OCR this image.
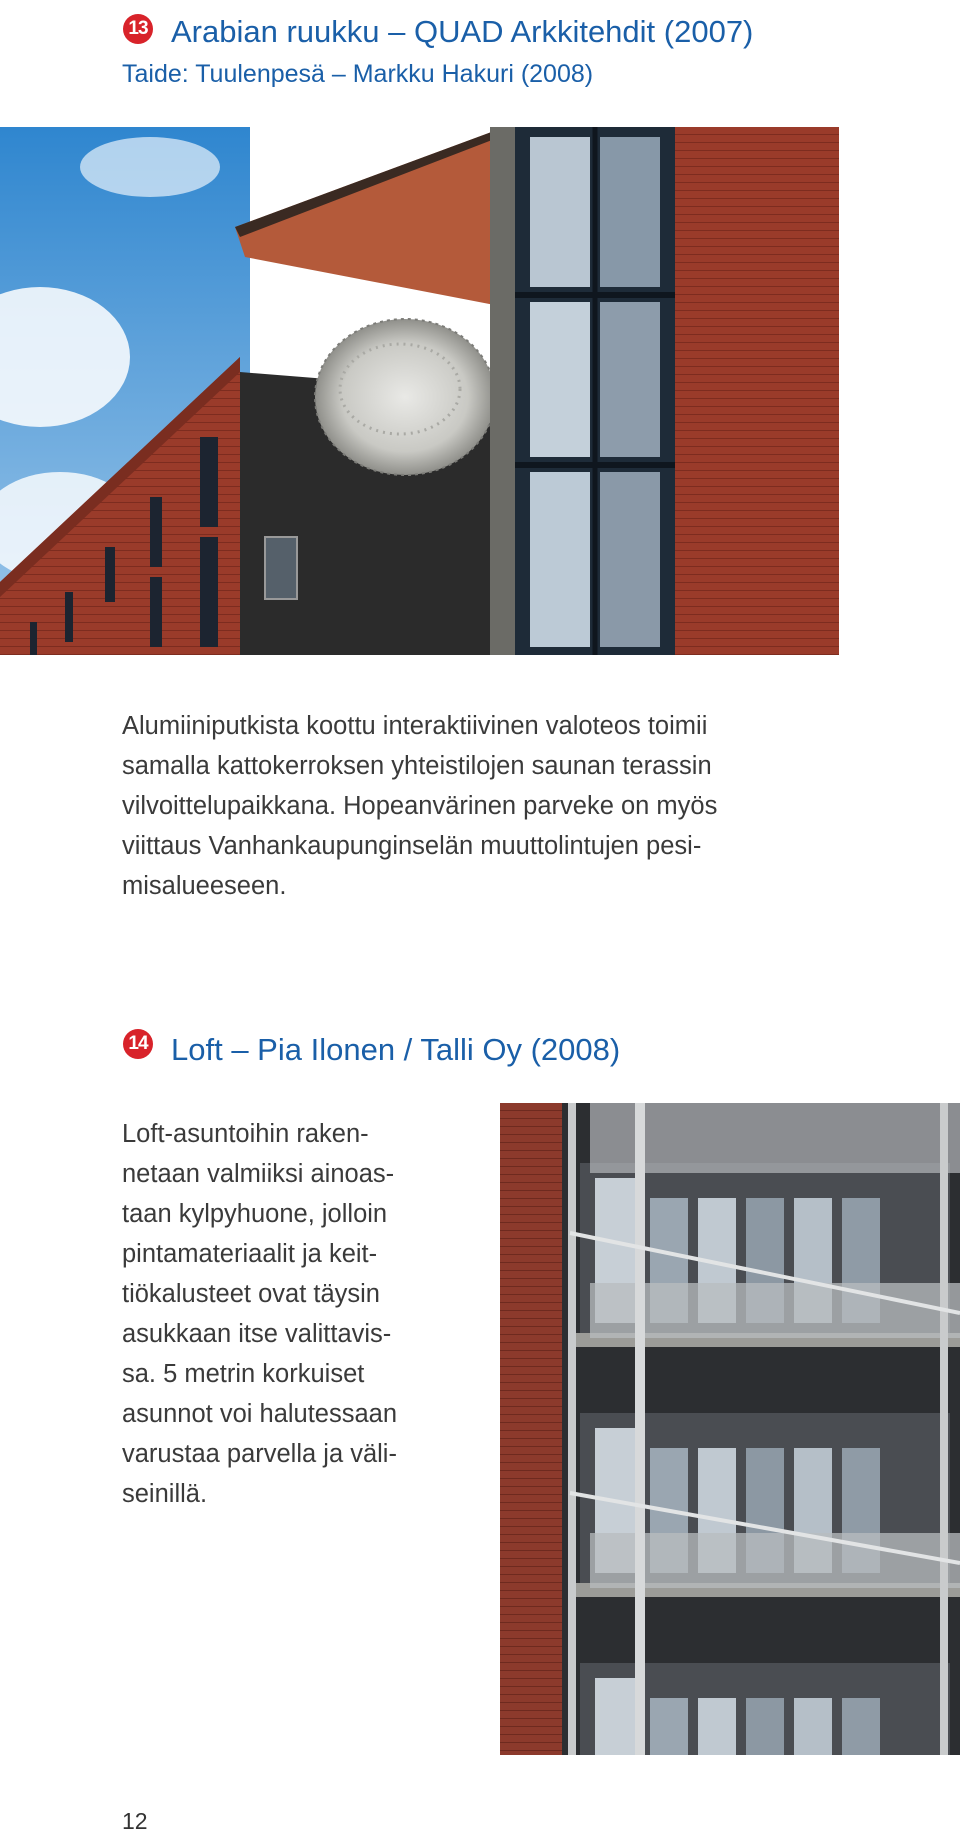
13 Arabian ruukku – QUAD Arkkitehdit (2007)
Taide: Tuulenpesä – Markku Hakuri (2008)

Alumiiniputkista koottu interaktiivinen valoteos toimii
samalla kattokerroksen yhteistilojen saunan terassin
vilvoittelupaikkana. Hopeanvärinen parveke on myös
viittaus Vanhankaupunginselän muuttolintujen pesi-
misalueeseen.

14 Loft – Pia Ilonen / Talli Oy (2008)

Loft-asuntoihin raken-
netaan valmiiksi ainoas-
taan kylpyhuone, jolloin
pintamateriaalit ja keit-
tiökalusteet ovat täysin
asukkaan itse valittavis-
sa. 5 metrin korkuiset
asunnot voi halutessaan
varustaa parvella ja väli-
seinillä.

12
